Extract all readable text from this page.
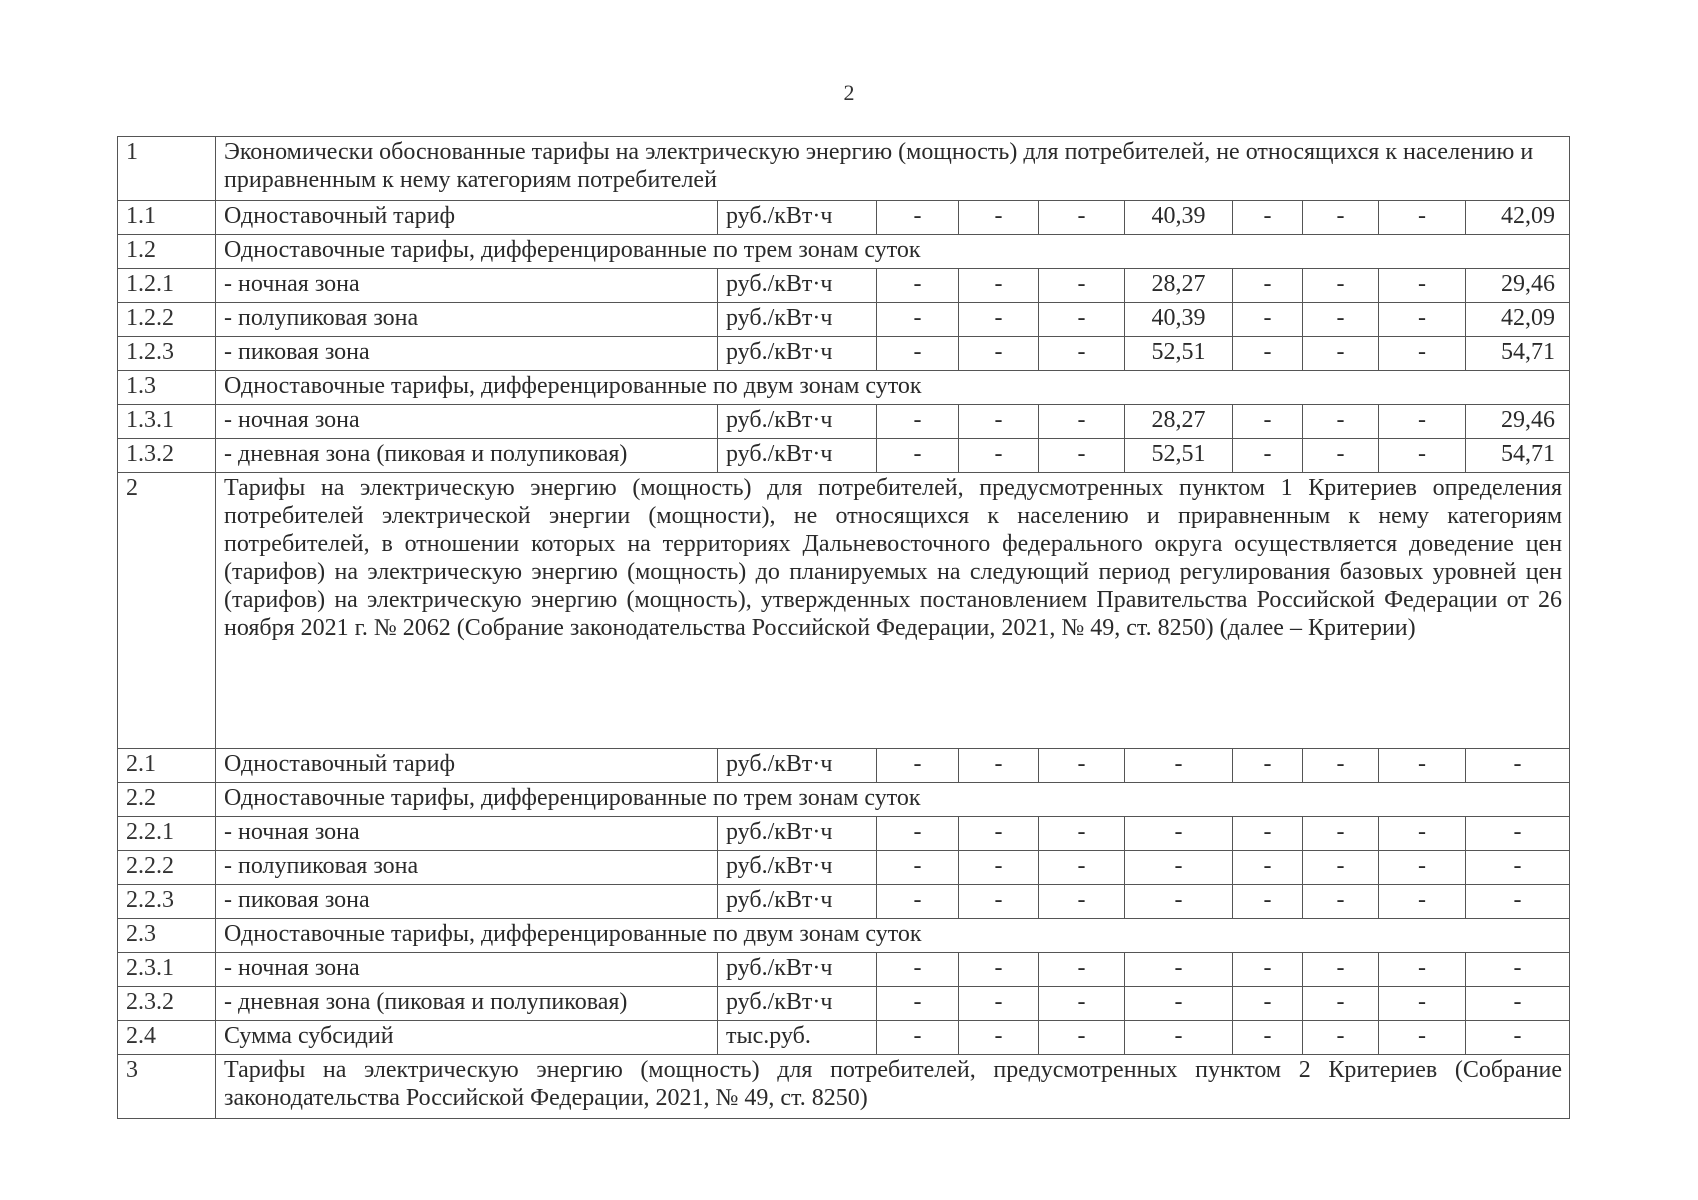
2
1	Экономически обоснованные тарифы на электрическую энергию (мощность) для потребителей, не относящихся к населению и приравненным к нему категориям потребителей									
1.1	Одноставочный тариф	руб./кВт·ч	-	-	-	40,39	-	-	-	42,09
1.2	Одноставочные тарифы, дифференцированные по трем зонам суток									
1.2.1	- ночная зона	руб./кВт·ч	-	-	-	28,27	-	-	-	29,46
1.2.2	- полупиковая зона	руб./кВт·ч	-	-	-	40,39	-	-	-	42,09
1.2.3	- пиковая зона	руб./кВт·ч	-	-	-	52,51	-	-	-	54,71
1.3	Одноставочные тарифы, дифференцированные по двум зонам суток									
1.3.1	- ночная зона	руб./кВт·ч	-	-	-	28,27	-	-	-	29,46
1.3.2	- дневная зона (пиковая и полупиковая)	руб./кВт·ч	-	-	-	52,51	-	-	-	54,71
2	Тарифы на электрическую энергию (мощность) для потребителей, предусмотренных пунктом 1 Критериев определения потребителей электрической энергии (мощности), не относящихся к населению и приравненным к нему категориям потребителей, в отношении которых на территориях Дальневосточного федерального округа осуществляется доведение цен (тарифов) на электрическую энергию (мощность) до планируемых на следующий период регулирования базовых уровней цен (тарифов) на электрическую энергию (мощность), утвержденных постановлением Правительства Российской Федерации от 26 ноября 2021 г. № 2062 (Собрание законодательства Российской Федерации, 2021, № 49, ст. 8250) (далее – Критерии)									
2.1	Одноставочный тариф	руб./кВт·ч	-	-	-	-	-	-	-	-
2.2	Одноставочные тарифы, дифференцированные по трем зонам суток									
2.2.1	- ночная зона	руб./кВт·ч	-	-	-	-	-	-	-	-
2.2.2	- полупиковая зона	руб./кВт·ч	-	-	-	-	-	-	-	-
2.2.3	- пиковая зона	руб./кВт·ч	-	-	-	-	-	-	-	-
2.3	Одноставочные тарифы, дифференцированные по двум зонам суток									
2.3.1	- ночная зона	руб./кВт·ч	-	-	-	-	-	-	-	-
2.3.2	- дневная зона (пиковая и полупиковая)	руб./кВт·ч	-	-	-	-	-	-	-	-
2.4	Сумма субсидий	тыс.руб.	-	-	-	-	-	-	-	-
3	Тарифы на электрическую энергию (мощность) для потребителей, предусмотренных пунктом 2 Критериев (Собрание законодательства Российской Федерации, 2021, № 49, ст. 8250)									
